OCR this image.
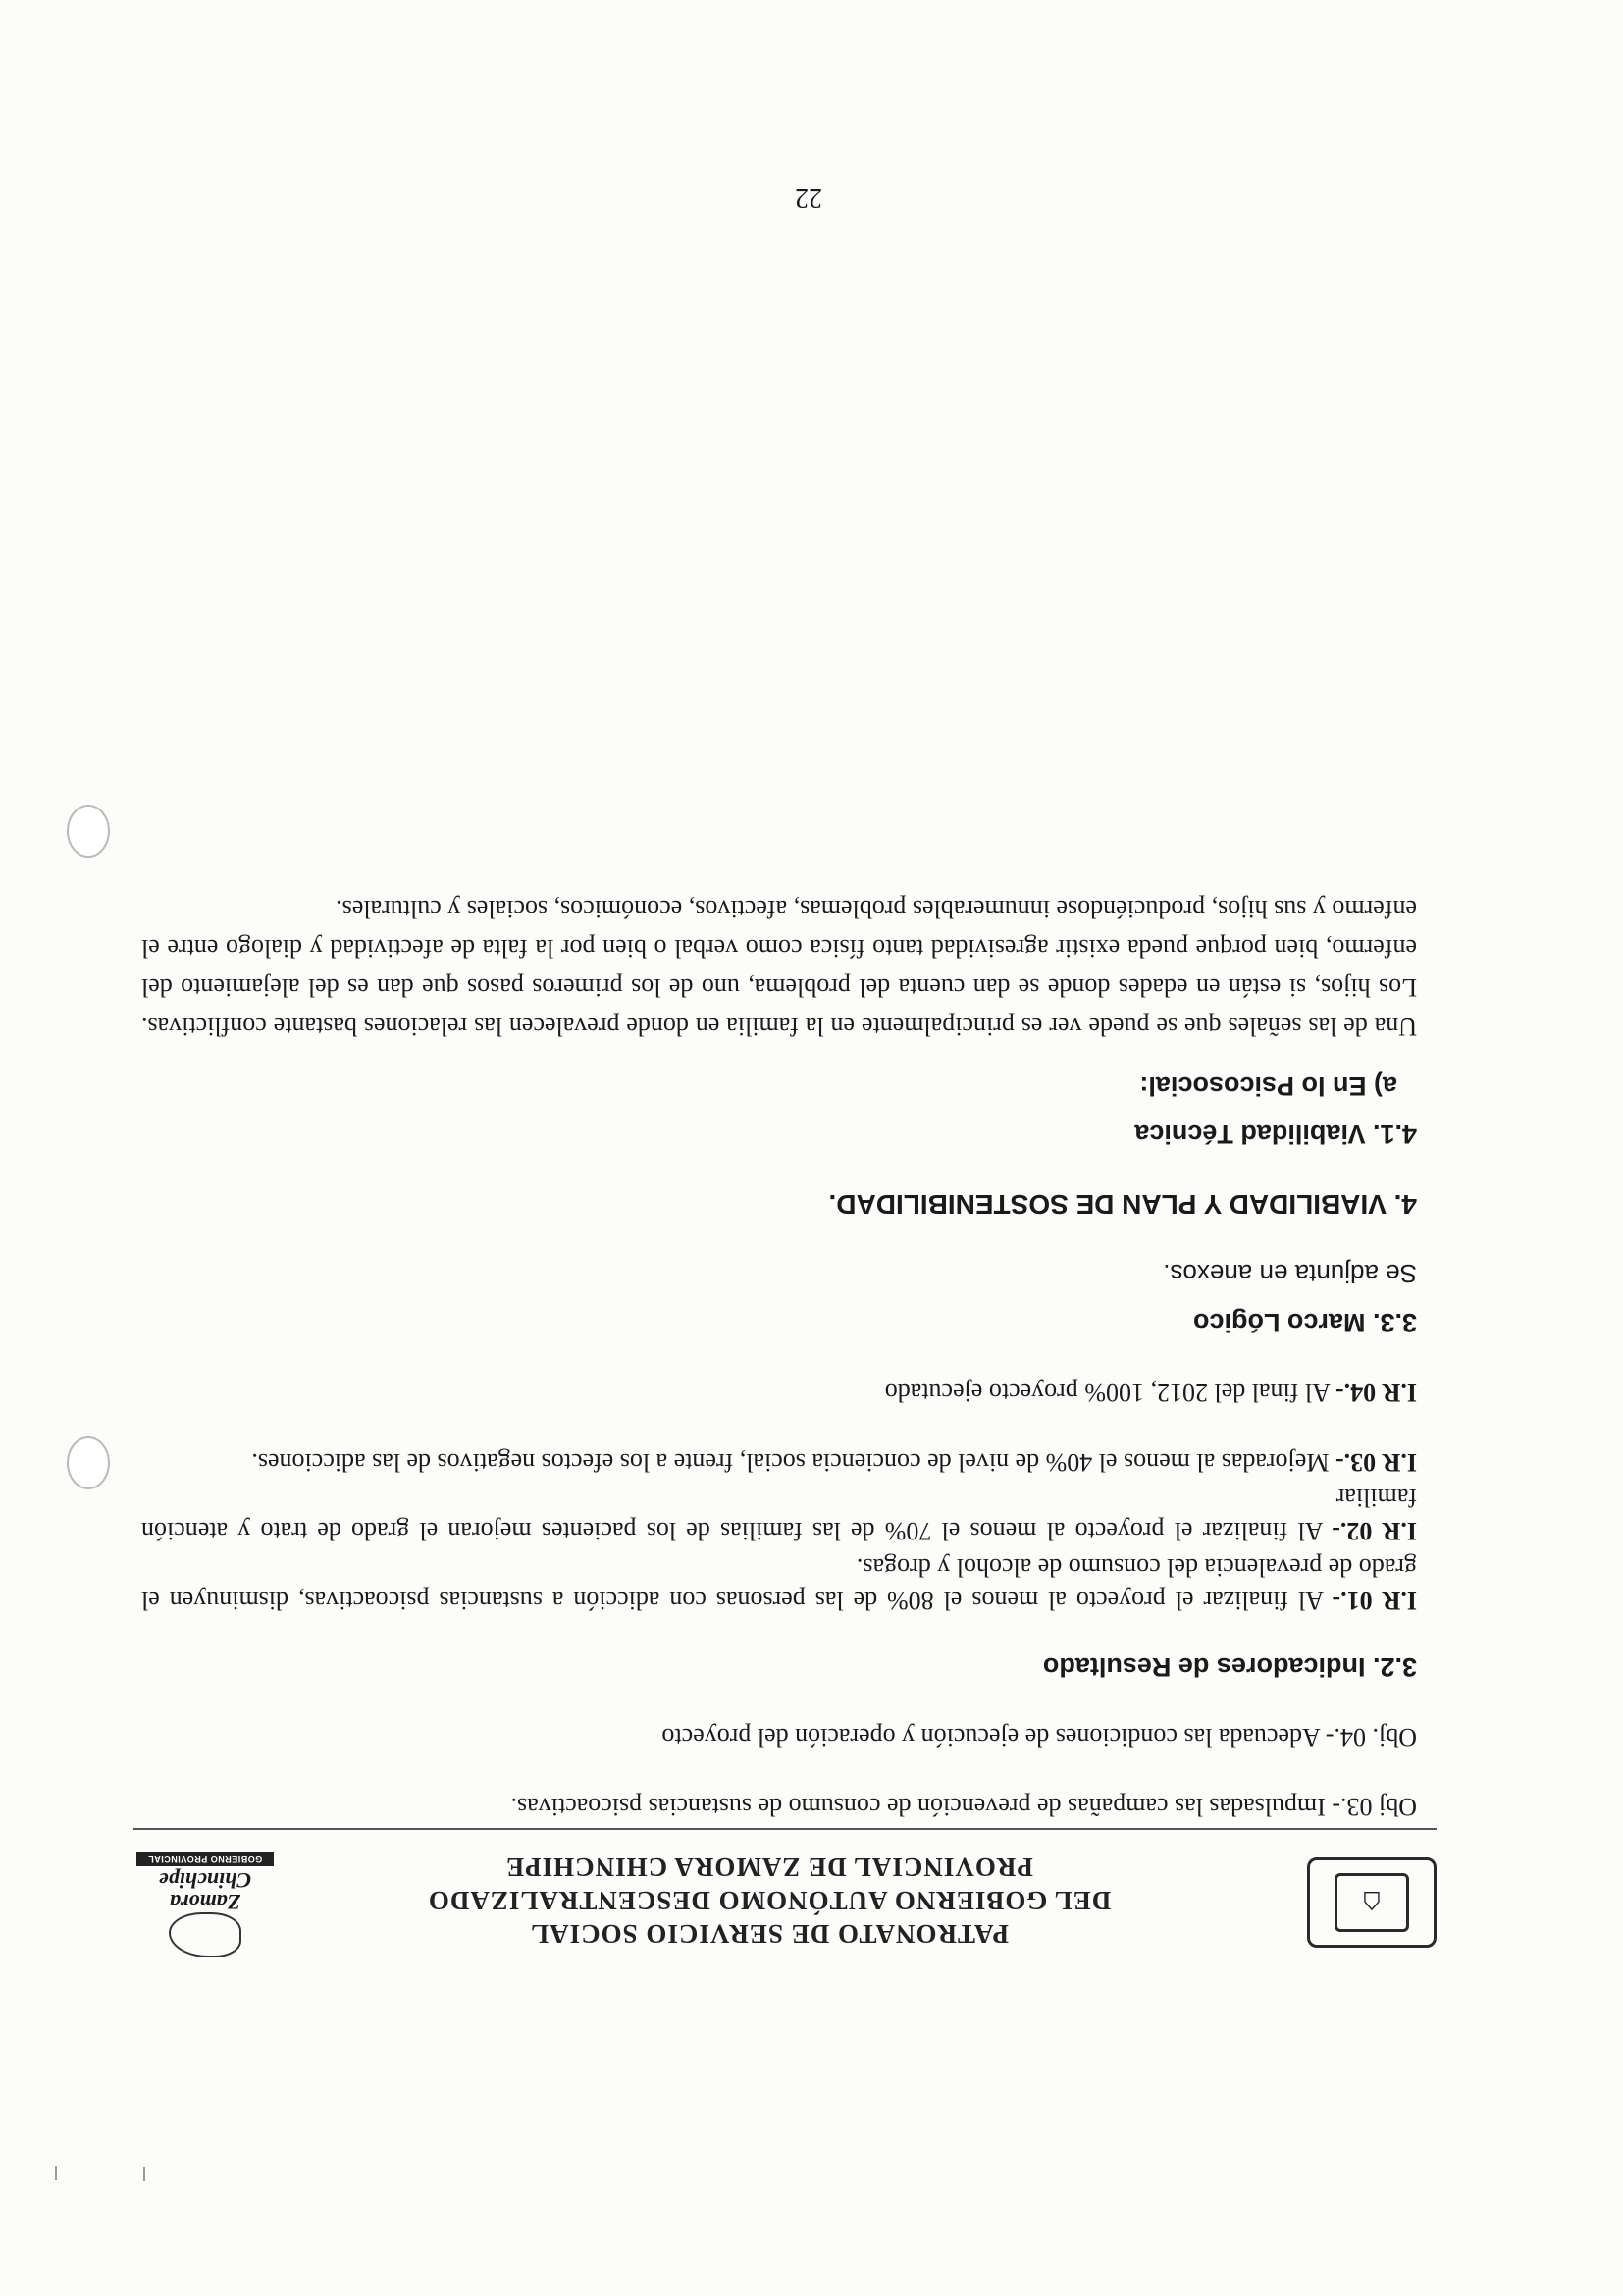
⌂
PATRONATO DE SERVICIO SOCIAL
DEL GOBIERNO AUTÓNOMO DESCENTRALIZADO
PROVINCIAL DE ZAMORA CHINCHIPE
Zamora
Chinchipe
GOBIERNO PROVINCIAL
Obj 03.- Impulsadas las campañas de prevención de consumo de sustancias psicoactivas.
Obj. 04.- Adecuada las condiciones de ejecución y operación del proyecto
3.2. Indicadores de Resultado

I.R 01.- Al finalizar el proyecto al menos el 80% de las personas con adicción a sustancias psicoactivas, disminuyen el grado de prevalencia del consumo de alcohol y drogas.

I.R 02.- Al finalizar el proyecto al menos el 70% de las familias de los pacientes mejoran el grado de trato y atención familiar

I.R 03.- Mejoradas al menos el 40% de nivel de conciencia social, frente a los efectos negativos de las adicciones.

I.R 04.- Al final del 2012, 100% proyecto ejecutado

3.3. Marco Lógico
Se adjunta en anexos.
4. VIABILIDAD Y PLAN DE SOSTENIBILIDAD.
4.1. Viabilidad Técnica
a) En lo Psicosocial:

Una de las señales que se puede ver es principalmente en la familia en donde prevalecen las relaciones bastante conflictivas. Los hijos, si están en edades donde se dan cuenta del problema, uno de los primeros pasos que dan es del alejamiento del enfermo, bien porque pueda existir agresividad tanto física como verbal o bien por la falta de afectividad y dialogo entre el enfermo y sus hijos, produciéndose innumerables problemas, afectivos, económicos, sociales y culturales.

22
